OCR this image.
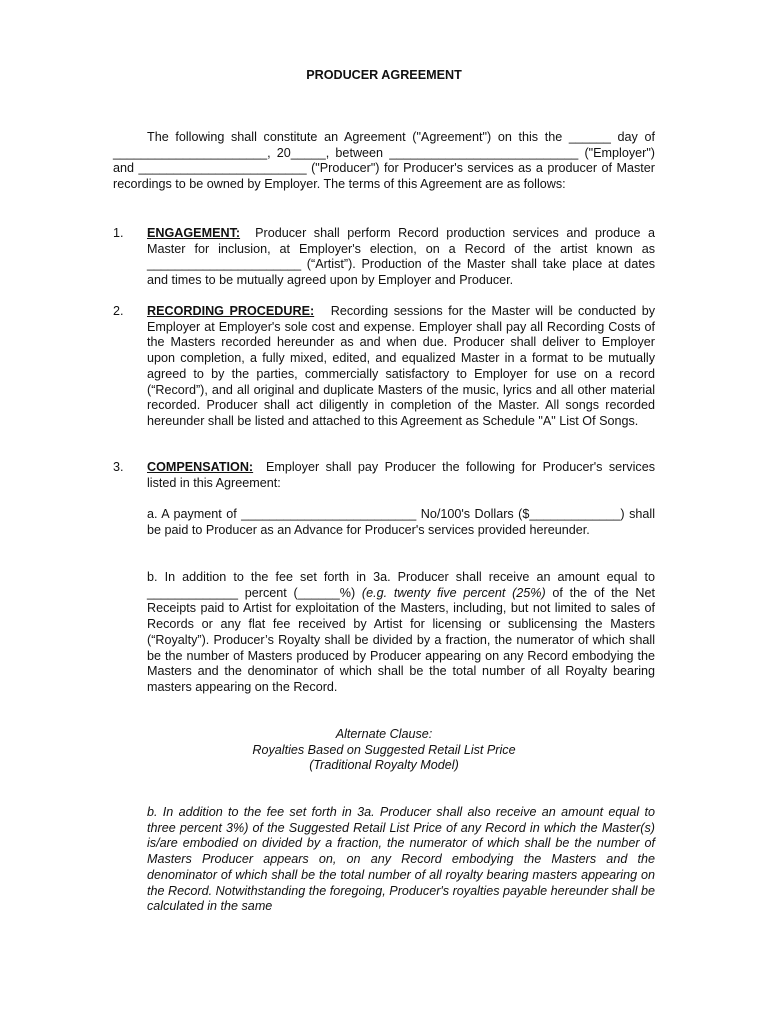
PRODUCER AGREEMENT

The following shall constitute an Agreement ("Agreement") on this the ______ day of ______________________, 20_____, between ___________________________ ("Employer") and ________________________ ("Producer") for Producer's services as a producer of Master recordings to be owned by Employer. The terms of this Agreement are as follows:

1.	ENGAGEMENT: Producer shall perform Record production services and produce a Master for inclusion, at Employer's election, on a Record of the artist known as ______________________ (“Artist”). Production of the Master shall take place at dates and times to be mutually agreed upon by Employer and Producer.

2.	RECORDING PROCEDURE: Recording sessions for the Master will be conducted by Employer at Employer's sole cost and expense. Employer shall pay all Recording Costs of the Masters recorded hereunder as and when due. Producer shall deliver to Employer upon completion, a fully mixed, edited, and equalized Master in a format to be mutually agreed to by the parties, commercially satisfactory to Employer for use on a record (“Record”), and all original and duplicate Masters of the music, lyrics and all other material recorded. Producer shall act diligently in completion of the Master. All songs recorded hereunder shall be listed and attached to this Agreement as Schedule "A" List Of Songs.

3.	COMPENSATION: Employer shall pay Producer the following for Producer's services listed in this Agreement:

a. A payment of _________________________ No/100's Dollars ($_____________) shall be paid to Producer as an Advance for Producer's services provided hereunder.

b. In addition to the fee set forth in 3a. Producer shall receive an amount equal to _____________ percent (______%) (e.g. twenty five percent (25%) of the of the Net Receipts paid to Artist for exploitation of the Masters, including, but not limited to sales of Records or any flat fee received by Artist for licensing or sublicensing the Masters (“Royalty”). Producer’s Royalty shall be divided by a fraction, the numerator of which shall be the number of Masters produced by Producer appearing on any Record embodying the Masters and the denominator of which shall be the total number of all Royalty bearing masters appearing on the Record.

Alternate Clause:
Royalties Based on Suggested Retail List Price
(Traditional Royalty Model)

b. In addition to the fee set forth in 3a. Producer shall also receive an amount equal to three percent 3%) of the Suggested Retail List Price of any Record in which the Master(s) is/are embodied on divided by a fraction, the numerator of which shall be the number of Masters Producer appears on, on any Record embodying the Masters and the denominator of which shall be the total number of all royalty bearing masters appearing on the Record. Notwithstanding the foregoing, Producer's royalties payable hereunder shall be calculated in the same
